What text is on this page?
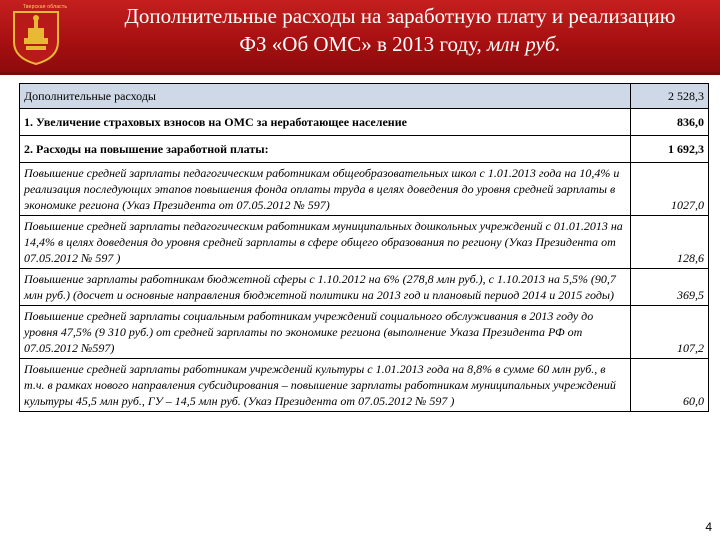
Тверская область	Дополнительные расходы на заработную плату и реализацию
ФЗ «Об ОМС» в 2013 году, млн руб.
Дополнительные расходы	2 528,3
1. Увеличение страховых взносов на ОМС за неработающее население	836,0
2. Расходы на повышение заработной платы:	1 692,3
Повышение средней зарплаты педагогическим работникам общеобразовательных школ с 1.01.2013 года на 10,4% и реализация последующих этапов повышения фонда оплаты труда в целях доведения до уровня средней зарплаты в экономике региона (Указ Президента от 07.05.2012 № 597)	1027,0
Повышение средней зарплаты педагогическим работникам муниципальных дошкольных учреждений с 01.01.2013 на 14,4% в целях доведения до уровня средней зарплаты в сфере общего образования по региону (Указ Президента от 07.05.2012 № 597 )	128,6
Повышение зарплаты работникам бюджетной сферы с 1.10.2012 на 6% (278,8 млн руб.), с 1.10.2013 на 5,5% (90,7 млн руб.) (досчет и основные направления бюджетной политики на 2013 год и плановый период 2014 и 2015 годы)	369,5
Повышение средней зарплаты социальным работникам учреждений социального обслуживания в 2013 году до уровня 47,5% (9 310 руб.) от средней зарплаты по экономике региона (выполнение Указа Президента РФ от 07.05.2012 №597)	107,2
Повышение средней зарплаты работникам учреждений культуры с 1.01.2013 года на 8,8% в сумме 60 млн руб., в т.ч. в рамках нового направления субсидирования – повышение зарплаты работникам муниципальных учреждений культуры 45,5 млн руб., ГУ – 14,5 млн руб. (Указ Президента от 07.05.2012 № 597 )	60,0
4
